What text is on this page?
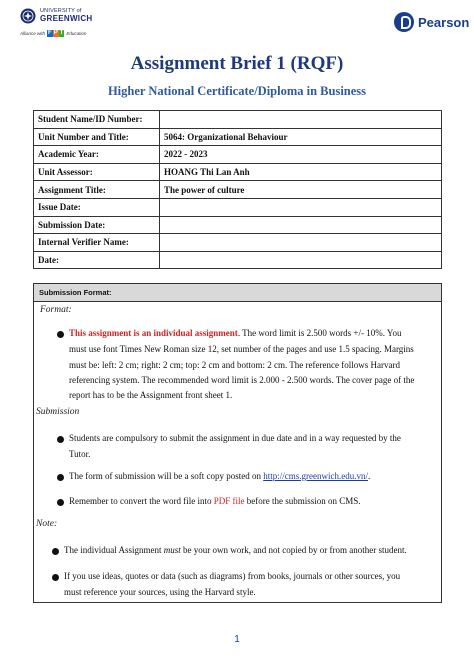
UNIVERSITY of
GREENWICH
Alliance with F P T Education
Pearson
Assignment Brief 1 (RQF)
Higher National Certificate/Diploma in Business
Student Name/ID Number:	
Unit Number and Title:	5064: Organizational Behaviour
Academic Year:	2022 - 2023
Unit Assessor:	HOANG Thi Lan Anh
Assignment Title:	The power of culture
Issue Date:	
Submission Date:	
Internal Verifier Name:	
Date:	
Submission Format:
Format:
This assignment is an individual assignment. The word limit is 2.500 words +/- 10%. You
must use font Times New Roman size 12, set number of the pages and use 1.5 spacing. Margins
must be: left: 2 cm; right: 2 cm; top: 2 cm and bottom: 2 cm. The reference follows Harvard
referencing system. The recommended word limit is 2.000 - 2.500 words. The cover page of the
report has to be the Assignment front sheet 1.
Submission
Students are compulsory to submit the assignment in due date and in a way requested by the
Tutor.
The form of submission will be a soft copy posted on http://cms.greenwich.edu.vn/.
Remember to convert the word file into PDF file before the submission on CMS.
Note:
The individual Assignment must be your own work, and not copied by or from another student.
If you use ideas, quotes or data (such as diagrams) from books, journals or other sources, you
must reference your sources, using the Harvard style.
1
